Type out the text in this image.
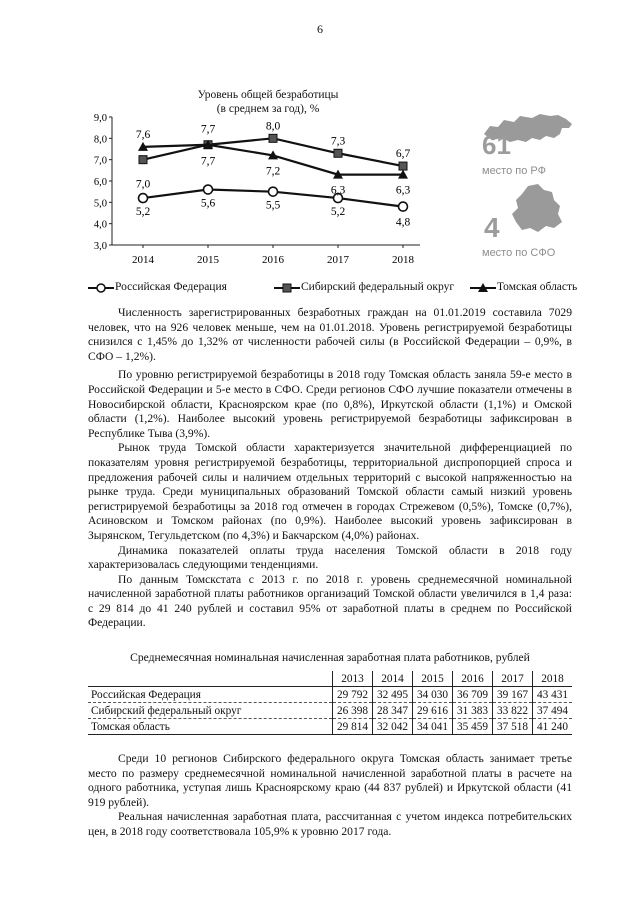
6
Уровень общей безработицы
(в среднем за год), %
3,0
4,0
5,0
6,0
7,0
8,0
9,0
2014	2015	2016	2017	2018
5,2
5,6	5,5
5,2
4,8
7,0
7,7
8,0
7,3
6,7
7,6	7,7
7,2
6,3	6,3
61
место по РФ
4
место по СФО
Российская Федерация	Сибирский федеральный округ	Томская область

Численность зарегистрированных безработных граждан на 01.01.2019 составила 7029 человек, что на 926 человек меньше, чем на 01.01.2018. Уровень регистрируемой безработицы снизился с 1,45% до 1,32% от численности рабочей силы (в Российской Федерации – 0,9%, в СФО – 1,2%).

По уровню регистрируемой безработицы в 2018 году Томская область заняла 59-е место в Российской Федерации и 5-е место в СФО. Среди регионов СФО лучшие показатели отмечены в Новосибирской области, Красноярском крае (по 0,8%), Иркутской области (1,1%) и Омской области (1,2%). Наиболее высокий уровень регистрируемой безработицы зафиксирован в Республике Тыва (3,9%).

Рынок труда Томской области характеризуется значительной дифференциацией по показателям уровня регистрируемой безработицы, территориальной диспропорцией спроса и предложения рабочей силы и наличием отдельных территорий с высокой напряженностью на рынке труда. Среди муниципальных образований Томской области самый низкий уровень регистрируемой безработицы за 2018 год отмечен в городах Стрежевом (0,5%), Томске (0,7%), Асиновском и Томском районах (по 0,9%). Наиболее высокий уровень зафиксирован в Зырянском, Тегульдетском (по 4,3%) и Бакчарском (4,0%) районах.

Динамика показателей оплаты труда населения Томской области в 2018 году характеризовалась следующими тенденциями.

По данным Томскстата с 2013 г. по 2018 г. уровень среднемесячной номинальной начисленной заработной платы работников организаций Томской области увеличился в 1,4 раза: с 29 814 до 41 240 рублей и составил 95% от заработной платы в среднем по Российской Федерации.

Среднемесячная номинальная начисленная заработная плата работников, рублей
	2013	2014	2015	2016	2017	2018
Российская Федерация	29 792	32 495	34 030	36 709	39 167	43 431
Сибирский федеральный округ	26 398	28 347	29 616	31 383	33 822	37 494
Томская область	29 814	32 042	34 041	35 459	37 518	41 240

Среди 10 регионов Сибирского федерального округа Томская область занимает третье место по размеру среднемесячной номинальной начисленной заработной платы в расчете на одного работника, уступая лишь Красноярскому краю (44 837 рублей) и Иркутской области (41 919 рублей).

Реальная начисленная заработная плата, рассчитанная с учетом индекса потребительских цен, в 2018 году соответствовала 105,9% к уровню 2017 года.
